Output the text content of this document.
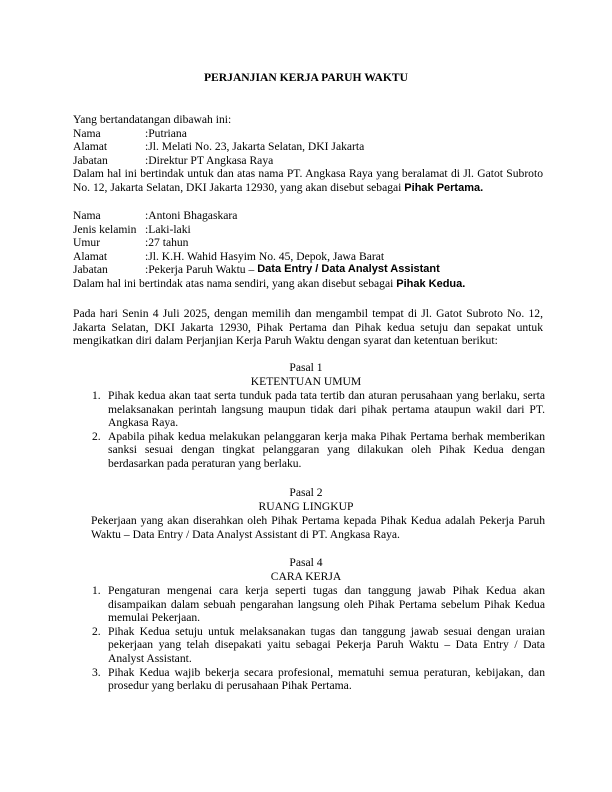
PERJANJIAN KERJA PARUH WAKTU

Yang bertandatangan dibawah ini:

Nama	: Putriana
Alamat	: Jl. Melati No. 23, Jakarta Selatan, DKI Jakarta
Jabatan	: Direktur PT Angkasa Raya

Dalam hal ini bertindak untuk dan atas nama PT. Angkasa Raya yang beralamat di Jl. Gatot Subroto No. 12, Jakarta Selatan, DKI Jakarta 12930, yang akan disebut sebagai Pihak Pertama.

Nama	: Antoni Bhagaskara
Jenis kelamin : Laki-laki
Umur	: 27 tahun
Alamat	: Jl. K.H. Wahid Hasyim No. 45, Depok, Jawa Barat
Jabatan	: Pekerja Paruh Waktu –
Data Entry / Data Analyst Assistant

Dalam hal ini bertindak atas nama sendiri, yang akan disebut sebagai Pihak Kedua.

Pada hari Senin 4 Juli 2025, dengan memilih dan mengambil tempat di Jl. Gatot Subroto No. 12, Jakarta Selatan, DKI Jakarta 12930, Pihak Pertama dan Pihak kedua setuju dan sepakat untuk mengikatkan diri dalam Perjanjian Kerja Paruh Waktu dengan syarat dan ketentuan berikut:

Pasal 1
KETENTUAN UMUM
1. Pihak kedua akan taat serta tunduk pada tata tertib dan aturan perusahaan yang berlaku, serta melaksanakan perintah langsung maupun tidak dari pihak pertama ataupun wakil dari PT. Angkasa Raya.
2. Apabila pihak kedua melakukan pelanggaran kerja maka Pihak Pertama berhak memberikan sanksi sesuai dengan tingkat pelanggaran yang dilakukan oleh Pihak Kedua dengan berdasarkan pada peraturan yang berlaku.
Pasal 2
RUANG LINGKUP

Pekerjaan yang akan diserahkan oleh Pihak Pertama kepada Pihak Kedua adalah Pekerja Paruh Waktu – Data Entry / Data Analyst Assistant di PT. Angkasa Raya.

Pasal 4
CARA KERJA
1. Pengaturan mengenai cara kerja seperti tugas dan tanggung jawab Pihak Kedua akan disampaikan dalam sebuah pengarahan langsung oleh Pihak Pertama sebelum Pihak Kedua memulai Pekerjaan.
2. Pihak Kedua setuju untuk melaksanakan tugas dan tanggung jawab sesuai dengan uraian pekerjaan yang telah disepakati yaitu sebagai Pekerja Paruh Waktu – Data Entry / Data Analyst Assistant.
3. Pihak Kedua wajib bekerja secara profesional, mematuhi semua peraturan, kebijakan, dan prosedur yang berlaku di perusahaan Pihak Pertama.
